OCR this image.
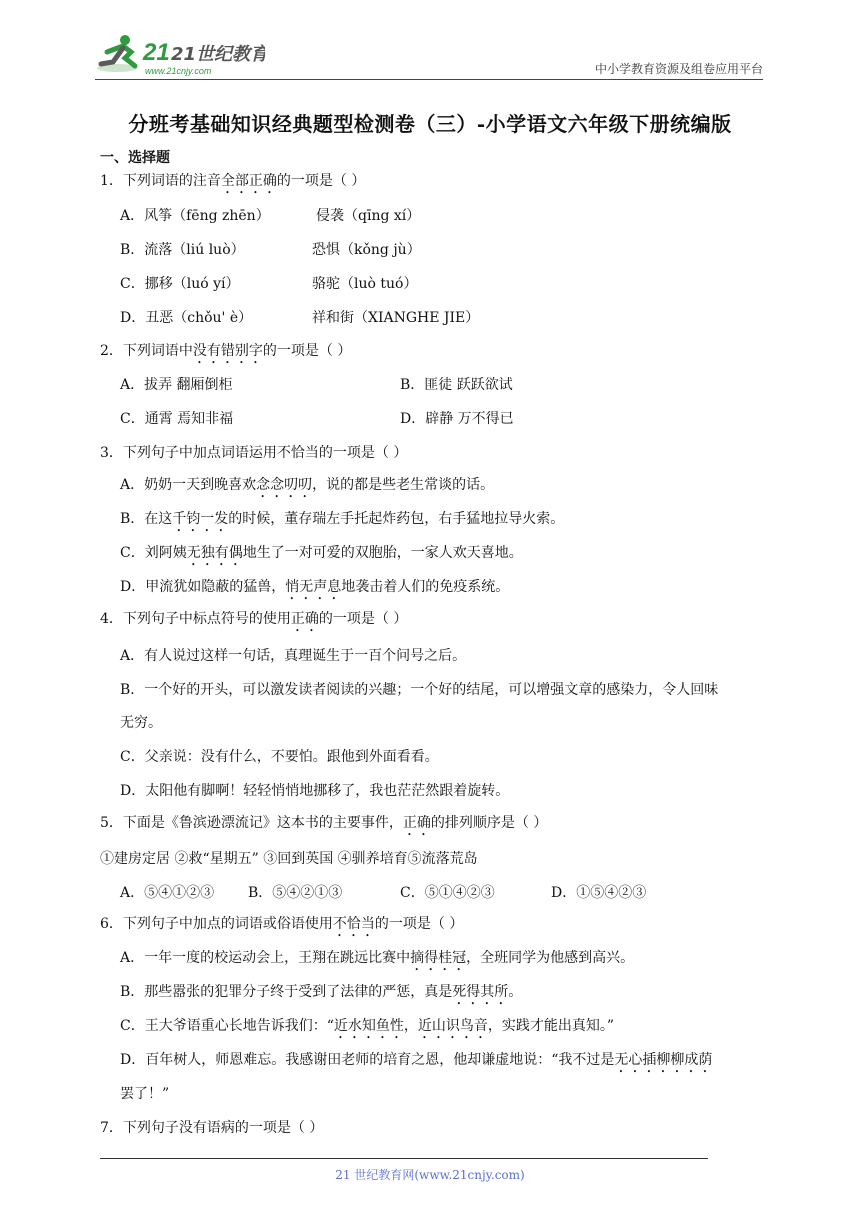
21 21世纪教育
www.21cnjy.com	中小学教育资源及组卷应用平台
分班考基础知识经典题型检测卷（三）-小学语文六年级下册统编版
一、选择题
1．下列词语的注音全部正确的一项是（ ）
A．风筝（fēng zhēn）	侵袭（qīng xí）
B．流落（liú luò）	恐惧（kǒng jù）
C．挪移（luó yí）	骆驼（luò tuó）
D．丑恶（chǒu' è）	祥和街（XIANGHE JIE）
2．下列词语中没有错别字的一项是（ ）
A．拔弄 翻厢倒柜	B．匪徒 跃跃欲试
C．通霄 焉知非福	D．辟静 万不得已
3．下列句子中加点词语运用不恰当的一项是（ ）
A．奶奶一天到晚喜欢念念叨叨，说的都是些老生常谈的话。
B．在这千钧一发的时候，董存瑞左手托起炸药包，右手猛地拉导火索。
C．刘阿姨无独有偶地生了一对可爱的双胞胎，一家人欢天喜地。
D．甲流犹如隐蔽的猛兽，悄无声息地袭击着人们的免疫系统。
4．下列句子中标点符号的使用正确的一项是（ ）
A．有人说过这样一句话，真理诞生于一百个问号之后。
B．一个好的开头，可以激发读者阅读的兴趣；一个好的结尾，可以增强文章的感染力，令人回味
无穷。
C．父亲说：没有什么，不要怕。跟他到外面看看。
D．太阳他有脚啊！轻轻悄悄地挪移了，我也茫茫然跟着旋转。
5．下面是《鲁滨逊漂流记》这本书的主要事件，正确的排列顺序是（ ）
①建房定居 ②救“星期五” ③回到英国 ④驯养培育⑤流落荒岛
A．⑤④①②③ B．⑤④②①③	C．⑤①④②③	D．①⑤④②③
6．下列句子中加点的词语或俗语使用不恰当的一项是（ ）
A．一年一度的校运动会上，王翔在跳远比赛中摘得桂冠，全班同学为他感到高兴。
B．那些嚣张的犯罪分子终于受到了法律的严惩，真是死得其所。
C．王大爷语重心长地告诉我们：“近水知鱼性，近山识鸟音，实践才能出真知。”
D．百年树人，师恩难忘。我感谢田老师的培育之恩，他却谦虚地说：“我不过是无心插柳柳成荫
罢了！”
7．下列句子没有语病的一项是（ ）
21 世纪教育网(www.21cnjy.com)
